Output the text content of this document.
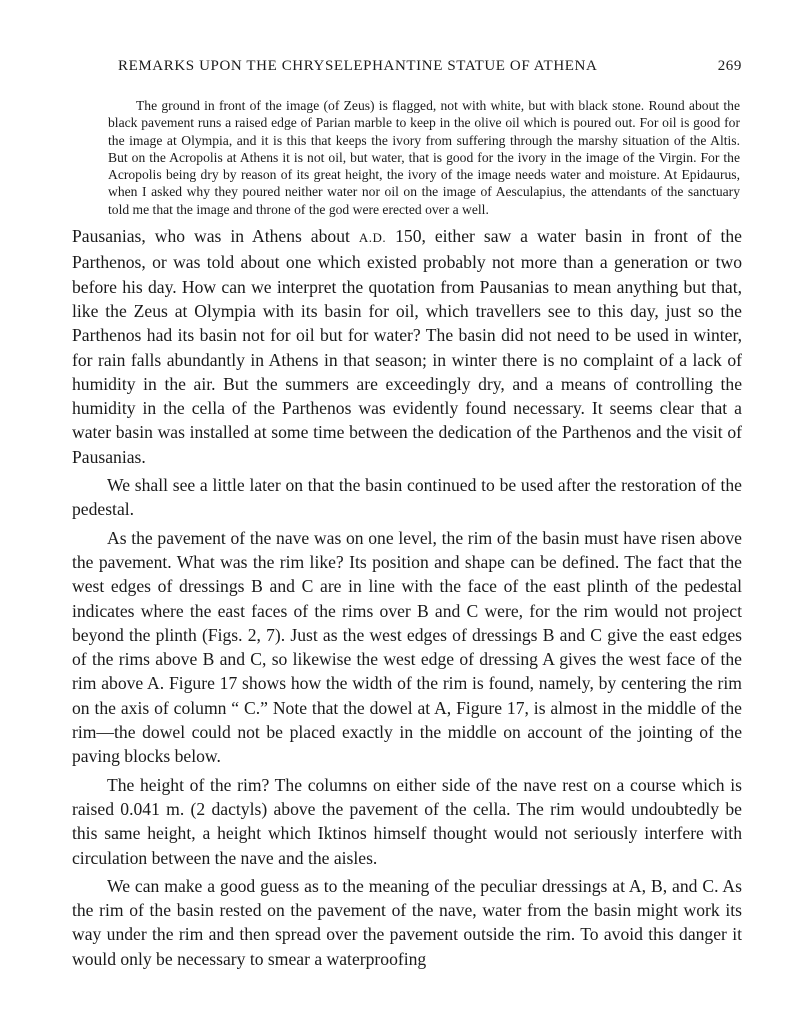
REMARKS UPON THE CHRYSELEPHANTINE STATUE OF ATHENA	269

The ground in front of the image (of Zeus) is flagged, not with white, but with black stone. Round about the black pavement runs a raised edge of Parian marble to keep in the olive oil which is poured out. For oil is good for the image at Olympia, and it is this that keeps the ivory from suffering through the marshy situation of the Altis. But on the Acropolis at Athens it is not oil, but water, that is good for the ivory in the image of the Virgin. For the Acropolis being dry by reason of its great height, the ivory of the image needs water and moisture. At Epidaurus, when I asked why they poured neither water nor oil on the image of Aesculapius, the attendants of the sanctuary told me that the image and throne of the god were erected over a well.

Pausanias, who was in Athens about A.D. 150, either saw a water basin in front of the Parthenos, or was told about one which existed probably not more than a generation or two before his day. How can we interpret the quotation from Pausanias to mean anything but that, like the Zeus at Olympia with its basin for oil, which travellers see to this day, just so the Parthenos had its basin not for oil but for water? The basin did not need to be used in winter, for rain falls abundantly in Athens in that season; in winter there is no complaint of a lack of humidity in the air. But the summers are exceedingly dry, and a means of controlling the humidity in the cella of the Parthenos was evidently found necessary. It seems clear that a water basin was installed at some time between the dedication of the Parthenos and the visit of Pausanias.

We shall see a little later on that the basin continued to be used after the restoration of the pedestal.

As the pavement of the nave was on one level, the rim of the basin must have risen above the pavement. What was the rim like? Its position and shape can be defined. The fact that the west edges of dressings B and C are in line with the face of the east plinth of the pedestal indicates where the east faces of the rims over B and C were, for the rim would not project beyond the plinth (Figs. 2, 7). Just as the west edges of dressings B and C give the east edges of the rims above B and C, so likewise the west edge of dressing A gives the west face of the rim above A. Figure 17 shows how the width of the rim is found, namely, by centering the rim on the axis of column “ C.” Note that the dowel at A, Figure 17, is almost in the middle of the rim—the dowel could not be placed exactly in the middle on account of the jointing of the paving blocks below.

The height of the rim? The columns on either side of the nave rest on a course which is raised 0.041 m. (2 dactyls) above the pavement of the cella. The rim would undoubtedly be this same height, a height which Iktinos himself thought would not seriously interfere with circulation between the nave and the aisles.

We can make a good guess as to the meaning of the peculiar dressings at A, B, and C. As the rim of the basin rested on the pavement of the nave, water from the basin might work its way under the rim and then spread over the pavement outside the rim. To avoid this danger it would only be necessary to smear a waterproofing
